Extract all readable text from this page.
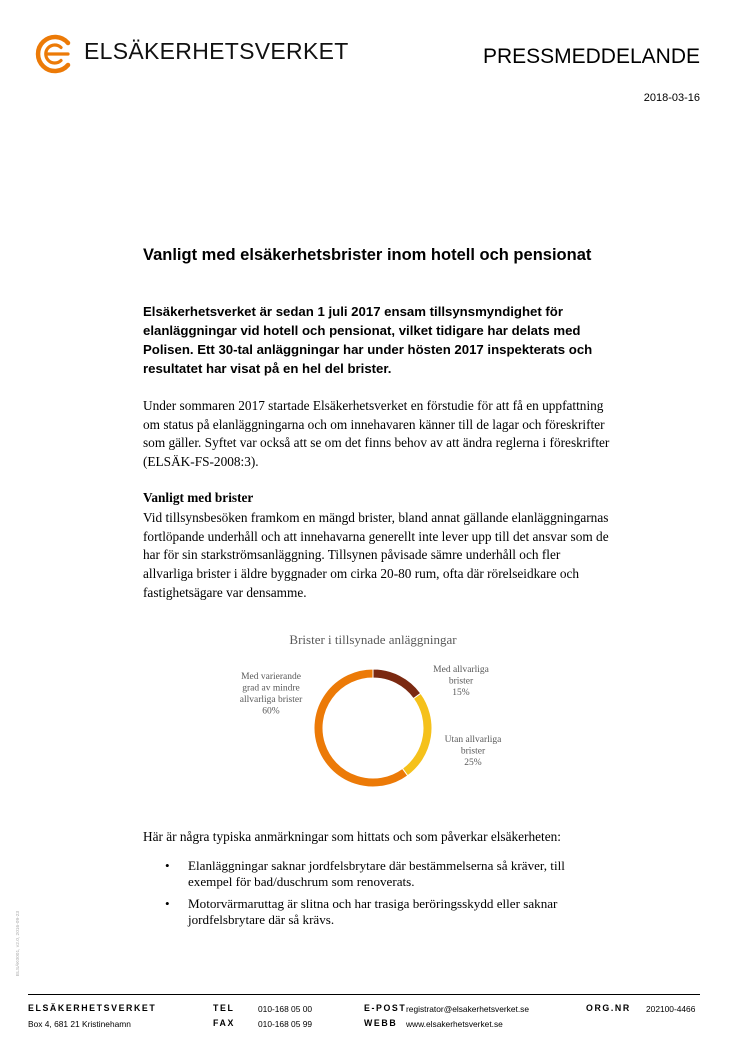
ELSÄKERHETSVERKET	PRESSMEDDELANDE
2018-03-16
Vanligt med elsäkerhetsbrister inom hotell och pensionat

Elsäkerhetsverket är sedan 1 juli 2017 ensam tillsynsmyndighet för elanläggningar vid hotell och pensionat, vilket tidigare har delats med Polisen. Ett 30-tal anläggningar har under hösten 2017 inspekterats och resultatet har visat på en hel del brister.

Under sommaren 2017 startade Elsäkerhetsverket en förstudie för att få en uppfattning om status på elanläggningarna och om innehavaren känner till de lagar och föreskrifter som gäller. Syftet var också att se om det finns behov av att ändra reglerna i föreskrifter (ELSÄK-FS-2008:3).

Vanligt med brister

Vid tillsynsbesöken framkom en mängd brister, bland annat gällande elanläggningarnas fortlöpande underhåll och att innehavarna generellt inte lever upp till det ansvar som de har för sin starkströmsanläggning. Tillsynen påvisade sämre underhåll och fler allvarliga brister i äldre byggnader om cirka 20-80 rum, ofta där rörelseidkare och fastighetsägare var densamme.

Brister i tillsynade anläggningar
Med allvarliga brister 15%
Utan allvarliga brister 25%
Med varierande grad av mindre allvarliga brister 60%

Här är några typiska anmärkningar som hittats och som påverkar elsäkerheten:

• Elanläggningar saknar jordfelsbrytare där bestämmelserna så kräver, till exempel för bad/duschrum som renoverats.
• Motorvärmaruttag är slitna och har trasiga beröringsskydd eller saknar jordfelsbrytare där så krävs.
ELSÄK0001, v2.0, 2016-09-23
ELSÄKERHETSVERKET
Box 4, 681 21 Kristinehamn
TEL	010-168 05 00
FAX	010-168 05 99
E-POST registrator@elsakerhetsverket.se
WEBB www.elsakerhetsverket.se
ORG.NR 202100-4466
